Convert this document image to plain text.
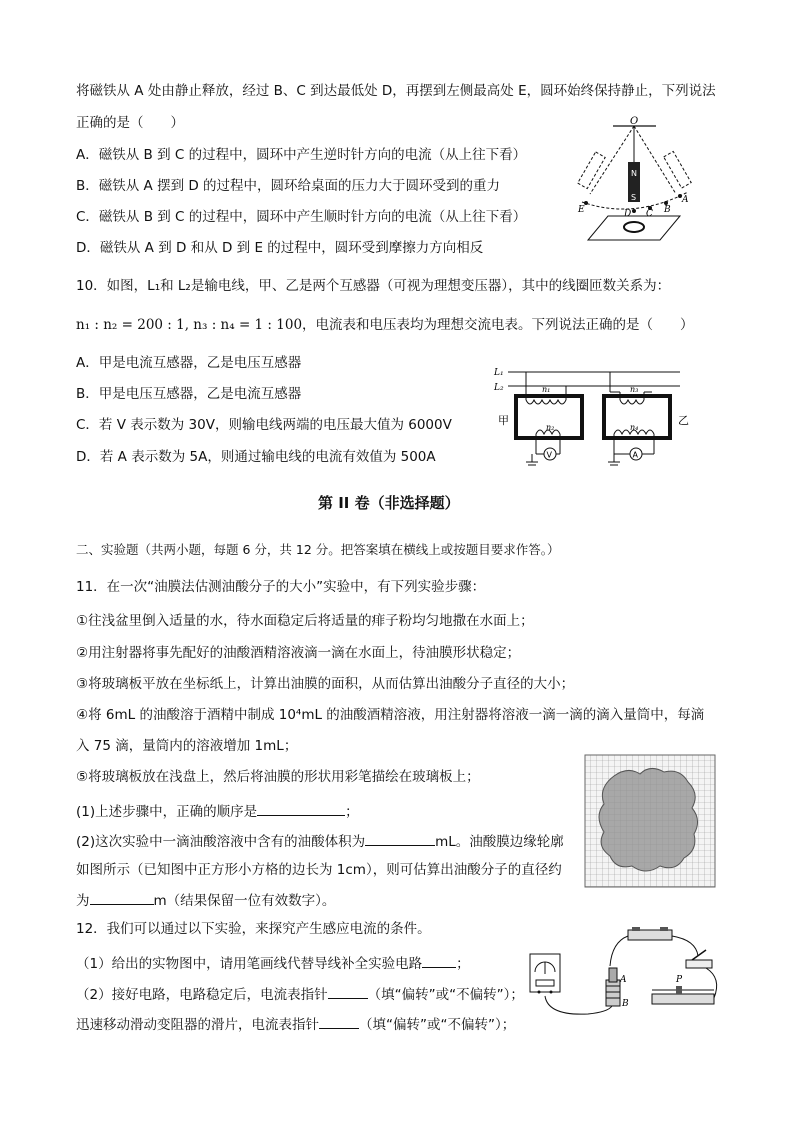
将磁铁从 A 处由静止释放，经过 B、C 到达最低处 D，再摆到左侧最高处 E，圆环始终保持静止，下列说法
正确的是（　　）
A．磁铁从 B 到 C 的过程中，圆环中产生逆时针方向的电流（从上往下看）
B．磁铁从 A 摆到 D 的过程中，圆环给桌面的压力大于圆环受到的重力
C．磁铁从 B 到 C 的过程中，圆环中产生顺时针方向的电流（从上往下看）
D．磁铁从 A 到 D 和从 D 到 E 的过程中，圆环受到摩擦力方向相反
O
N
S
E	D C B
A
10．如图，L₁和 L₂是输电线，甲、乙是两个互感器（可视为理想变压器），其中的线圈匝数关系为：
n₁ : n₂ = 200 : 1, n₃ : n₄ = 1 : 100，电流表和电压表均为理想交流电表。下列说法正确的是（　　）
A．甲是电流互感器，乙是电压互感器
B．甲是电压互感器，乙是电流互感器
C．若 V 表示数为 30V，则输电线两端的电压最大值为 6000V
D．若 A 表示数为 5A，则通过输电线的电流有效值为 500A
L₁
L₂	n₁
n₂
甲
V
n₃
n₄
乙
A
第 II 卷（非选择题）
二、实验题（共两小题，每题 6 分，共 12 分。把答案填在横线上或按题目要求作答。）
11．在一次“油膜法估测油酸分子的大小”实验中，有下列实验步骤：
①往浅盆里倒入适量的水，待水面稳定后将适量的痱子粉均匀地撒在水面上；
②用注射器将事先配好的油酸酒精溶液滴一滴在水面上，待油膜形状稳定；
③将玻璃板平放在坐标纸上，计算出油膜的面积，从而估算出油酸分子直径的大小；
④将 6mL 的油酸溶于酒精中制成 10⁴mL 的油酸酒精溶液，用注射器将溶液一滴一滴的滴入量筒中，每滴
入 75 滴，量筒内的溶液增加 1mL；
⑤将玻璃板放在浅盘上，然后将油膜的形状用彩笔描绘在玻璃板上；
(1)上述步骤中，正确的顺序是	；
(2)这次实验中一滴油酸溶液中含有的油酸体积为	mL。油酸膜边缘轮廓
如图所示（已知图中正方形小方格的边长为 1cm），则可估算出油酸分子的直径约
为	m（结果保留一位有效数字）。
12．我们可以通过以下实验，来探究产生感应电流的条件。
（1）给出的实物图中，请用笔画线代替导线补全实验电路	；
（2）接好电路，电路稳定后，电流表指针	（填“偏转”或“不偏转”）；
迅速移动滑动变阻器的滑片，电流表指针	（填“偏转”或“不偏转”）；
A
B
P
